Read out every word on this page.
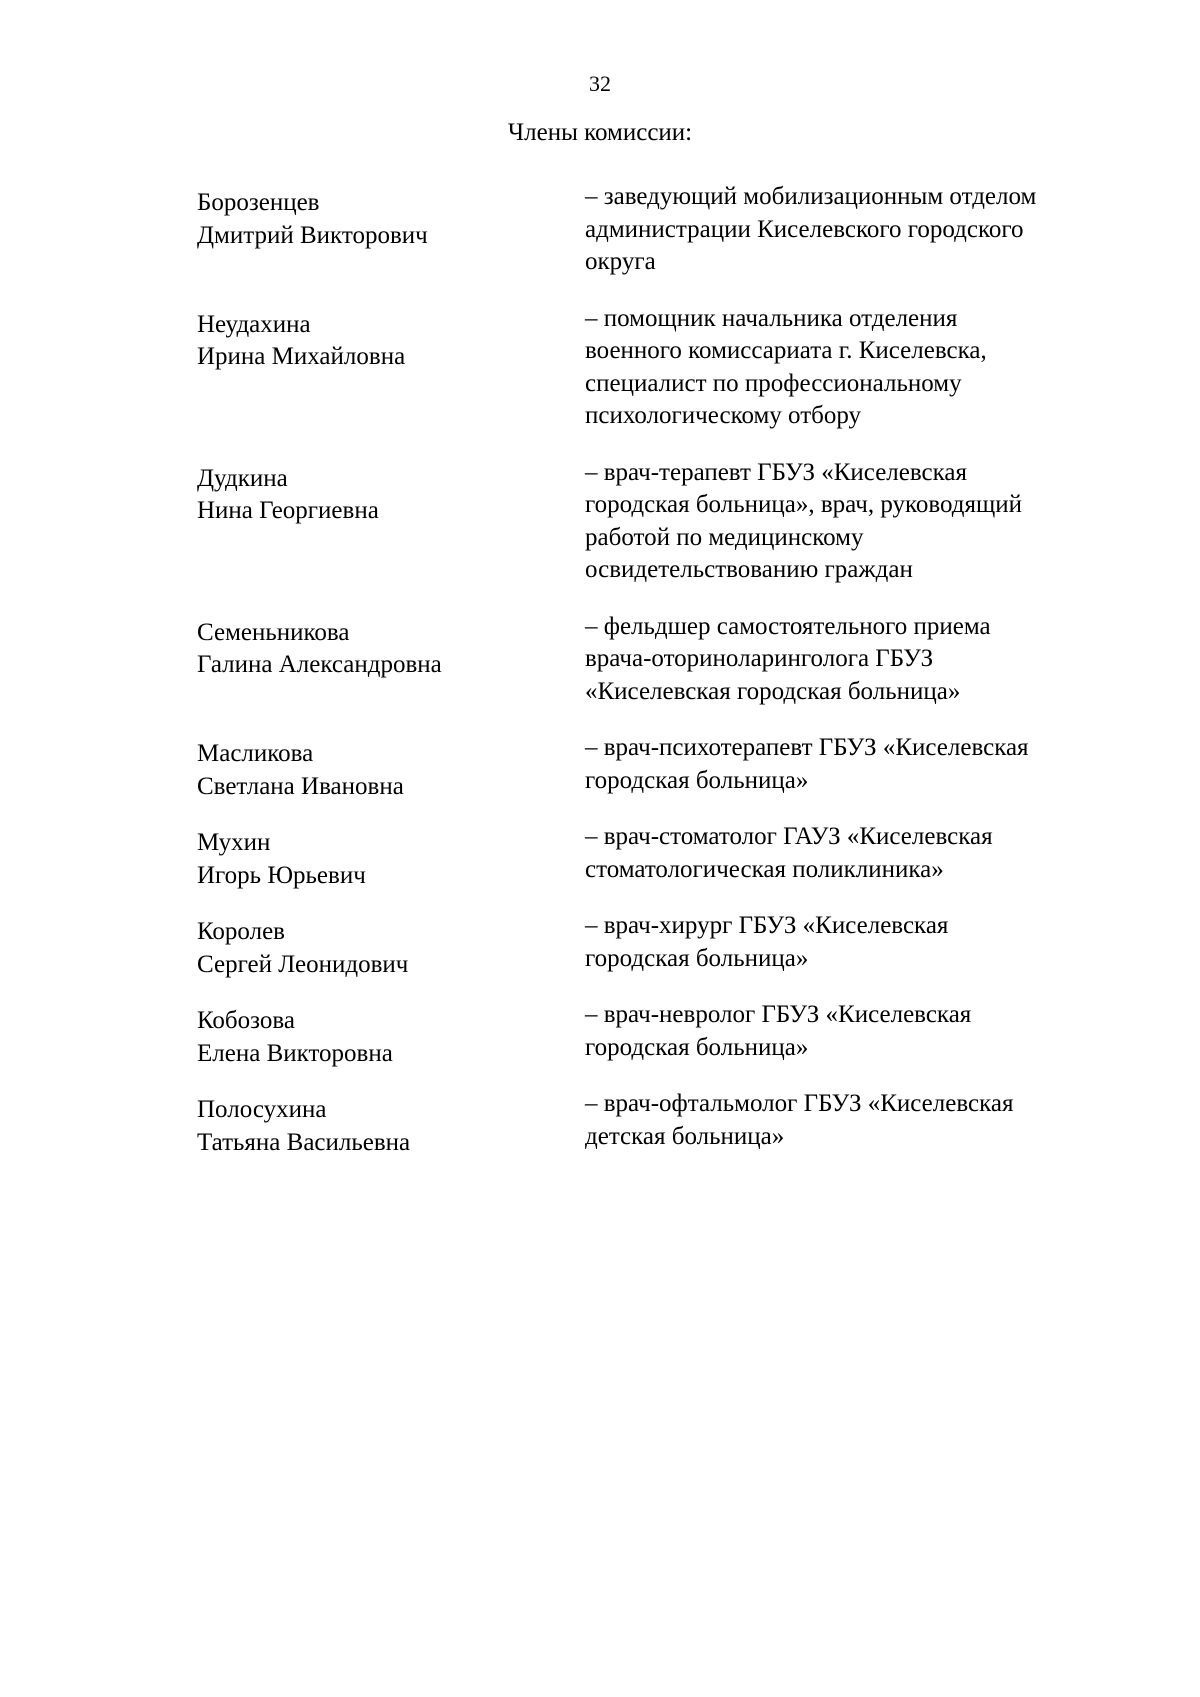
32
Члены комиссии:
Борозенцев
Дмитрий Викторович
– заведующий мобилизационным отделом
администрации Киселевского городского
округа
Неудахина
Ирина Михайловна
– помощник начальника отделения
военного комиссариата г. Киселевска,
специалист по профессиональному
психологическому отбору
Дудкина
Нина Георгиевна
– врач-терапевт ГБУЗ «Киселевская
городская больница», врач, руководящий
работой по медицинскому
освидетельствованию граждан
Семеньникова
Галина Александровна
– фельдшер самостоятельного приема
врача-оториноларинголога ГБУЗ
«Киселевская городская больница»
Масликова
Светлана Ивановна
– врач-психотерапевт ГБУЗ «Киселевская
городская больница»
Мухин
Игорь Юрьевич
– врач-стоматолог ГАУЗ «Киселевская
стоматологическая поликлиника»
Королев
Сергей Леонидович
– врач-хирург ГБУЗ «Киселевская
городская больница»
Кобозова
Елена Викторовна
– врач-невролог ГБУЗ «Киселевская
городская больница»
Полосухина
Татьяна Васильевна
– врач-офтальмолог ГБУЗ «Киселевская
детская больница»
